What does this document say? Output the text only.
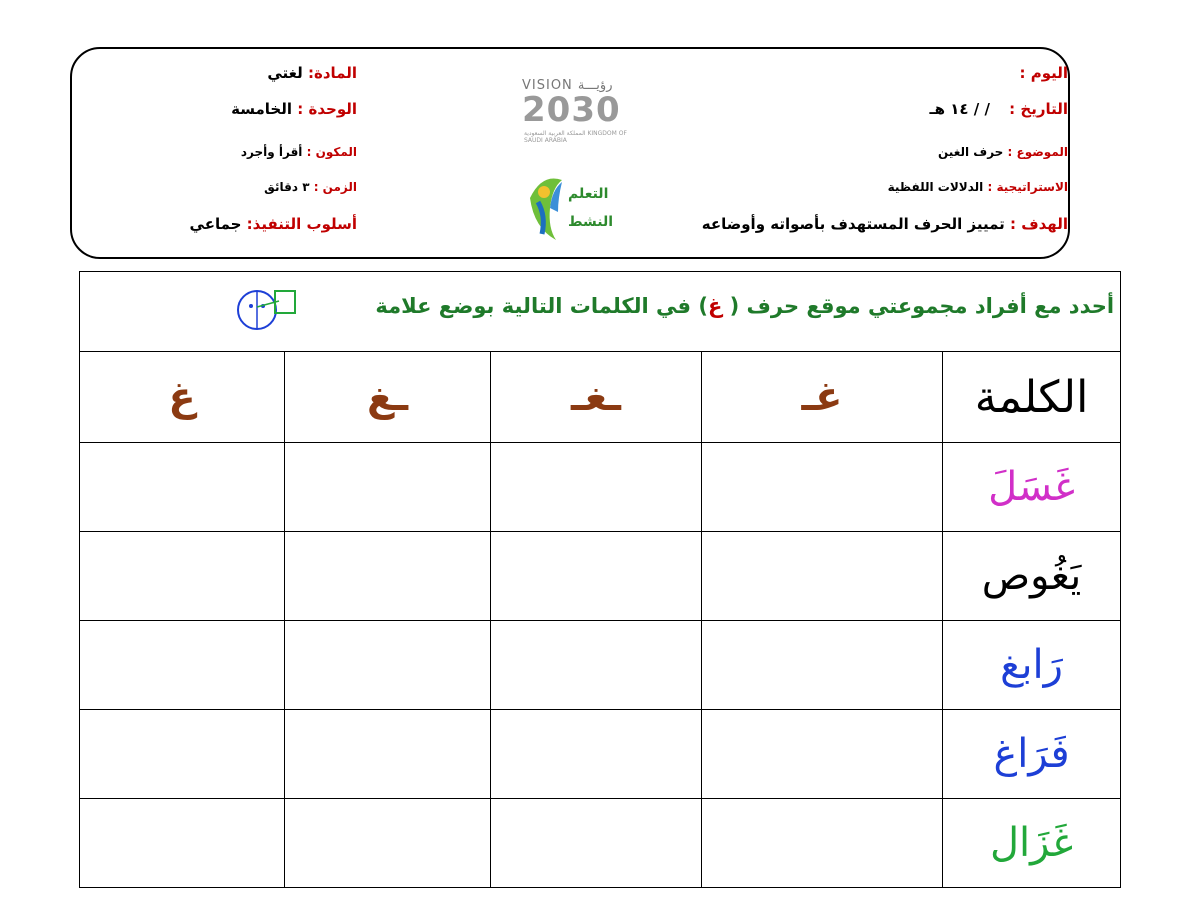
اليوم :
التاريخ : / / ١٤ هـ
الموضوع : حرف الغين
الاستراتيجية : الدلالات اللفظية
الهدف : تمييز الحرف المستهدف بأصواته وأوضاعه
المادة: لغتي
الوحدة : الخامسة
المكون : أقرأ وأجرد
الزمن : ٣ دقائق
أسلوب التنفيذ: جماعي
VISION رؤيـــة
2030
المملكة العربية السعودية KINGDOM OF SAUDI ARABIA
التعلم
النشط
أحدد مع أفراد مجموعتي موقع حرف ( غ) في الكلمات التالية بوضع علامة				

غ	ـغ	ـغـ	غـ	الكلمة
				غَسَلَ
				يَغُوص
				رَابغ
				فَرَاغ
				غَزَال
